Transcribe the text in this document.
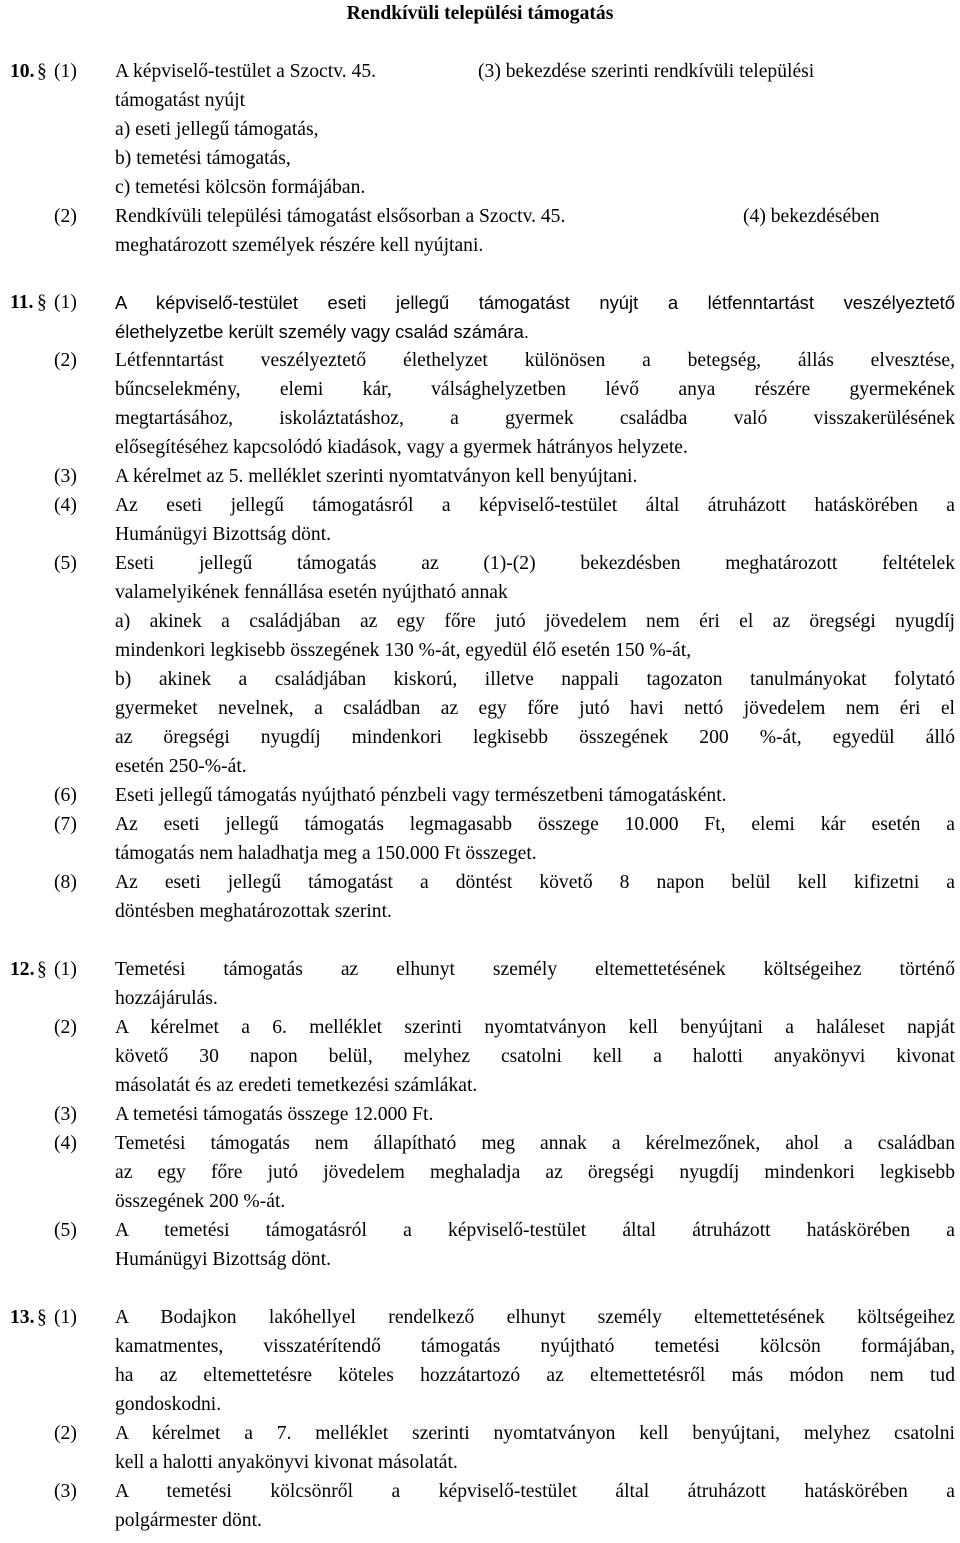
Rendkívüli települési támogatás
10. § (1)	A képviselő-testület a Szoctv. 45.	(3) bekezdése szerinti rendkívüli települési
támogatást nyújt
a) eseti jellegű támogatás,
b) temetési támogatás,
c) temetési kölcsön formájában.
(2)	Rendkívüli települési támogatást elsősorban a Szoctv. 45.	(4) bekezdésében
meghatározott személyek részére kell nyújtani.
11. § (1)	A képviselő-testület eseti jellegű támogatást nyújt a létfenntartást veszélyeztető
élethelyzetbe került személy vagy család számára.
(2)	Létfenntartást veszélyeztető élethelyzet különösen a betegség, állás elvesztése,
bűncselekmény, elemi kár, válsághelyzetben lévő anya részére gyermekének
megtartásához, iskoláztatáshoz, a gyermek családba való visszakerülésének
elősegítéséhez kapcsolódó kiadások, vagy a gyermek hátrányos helyzete.
(3)	A kérelmet az 5. melléklet szerinti nyomtatványon kell benyújtani.
(4)	Az eseti jellegű támogatásról a képviselő-testület által átruházott hatáskörében a
Humánügyi Bizottság dönt.
(5)	Eseti jellegű támogatás az (1)-(2) bekezdésben meghatározott feltételek
valamelyikének fennállása esetén nyújtható annak
a) akinek a családjában az egy főre jutó jövedelem nem éri el az öregségi nyugdíj
mindenkori legkisebb összegének 130 %-át, egyedül élő esetén 150 %-át,
b) akinek a családjában kiskorú, illetve nappali tagozaton tanulmányokat folytató
gyermeket nevelnek, a családban az egy főre jutó havi nettó jövedelem nem éri el
az öregségi nyugdíj mindenkori legkisebb összegének 200 %-át, egyedül álló
esetén 250-%-át.
(6)	Eseti jellegű támogatás nyújtható pénzbeli vagy természetbeni támogatásként.
(7)	Az eseti jellegű támogatás legmagasabb összege 10.000 Ft, elemi kár esetén a
támogatás nem haladhatja meg a 150.000 Ft összeget.
(8)	Az eseti jellegű támogatást a döntést követő 8 napon belül kell kifizetni a
döntésben meghatározottak szerint.
12. § (1)	Temetési támogatás az elhunyt személy eltemettetésének költségeihez történő
hozzájárulás.
(2)	A kérelmet a 6. melléklet szerinti nyomtatványon kell benyújtani a haláleset napját
követő 30 napon belül, melyhez csatolni kell a halotti anyakönyvi kivonat
másolatát és az eredeti temetkezési számlákat.
(3)	A temetési támogatás összege 12.000 Ft.
(4)	Temetési támogatás nem állapítható meg annak a kérelmezőnek, ahol a családban
az egy főre jutó jövedelem meghaladja az öregségi nyugdíj mindenkori legkisebb
összegének 200 %-át.
(5)	A temetési támogatásról a képviselő-testület által átruházott hatáskörében a
Humánügyi Bizottság dönt.
13. § (1)	A Bodajkon lakóhellyel rendelkező elhunyt személy eltemettetésének költségeihez
kamatmentes, visszatérítendő támogatás nyújtható temetési kölcsön formájában,
ha az eltemettetésre köteles hozzátartozó az eltemettetésről más módon nem tud
gondoskodni.
(2)	A kérelmet a 7. melléklet szerinti nyomtatványon kell benyújtani, melyhez csatolni
kell a halotti anyakönyvi kivonat másolatát.
(3)	A temetési kölcsönről a képviselő-testület által átruházott hatáskörében a
polgármester dönt.
